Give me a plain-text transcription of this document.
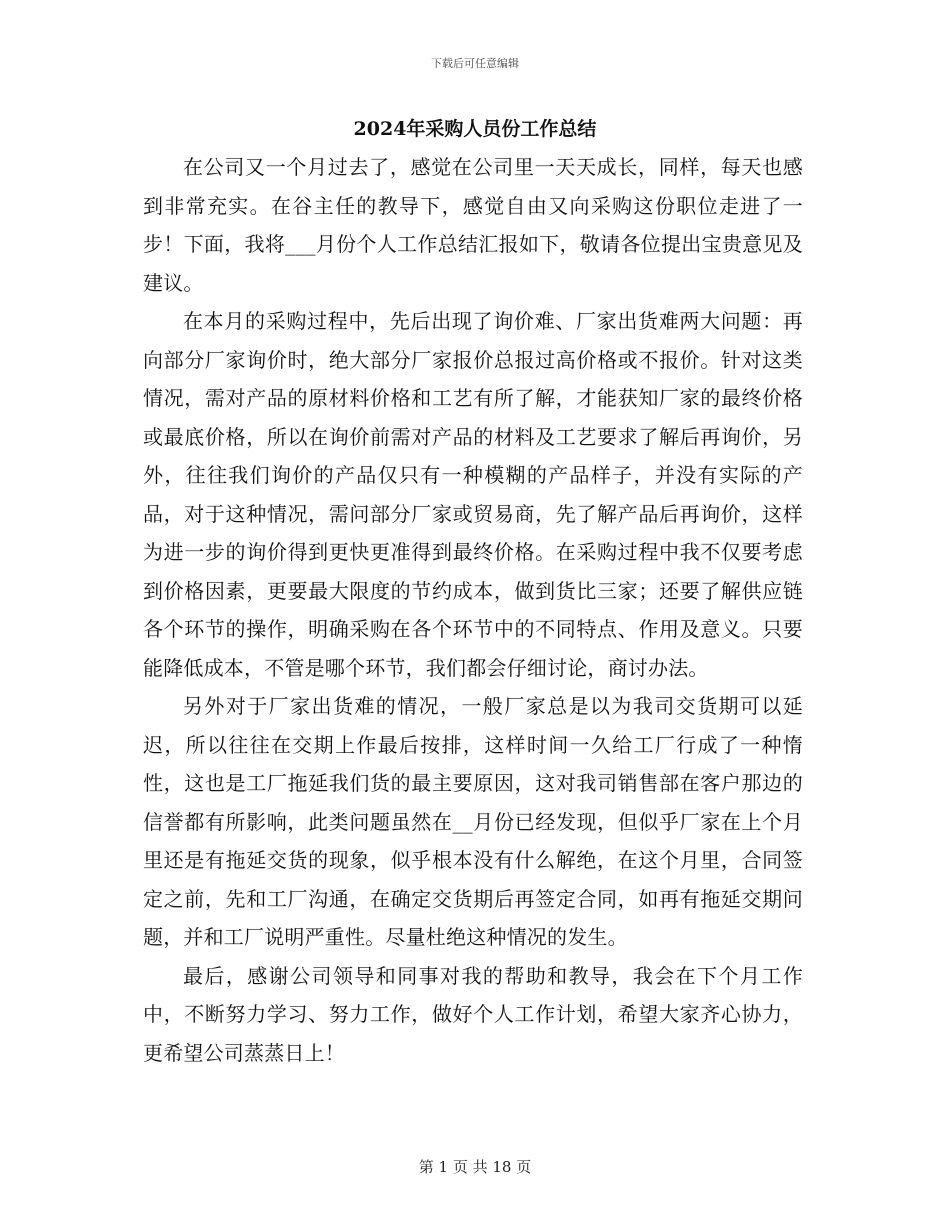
下载后可任意编辑
2024年采购人员份工作总结

在公司又一个月过去了，感觉在公司里一天天成长，同样，每天也感到非常充实。在谷主任的教导下，感觉自由又向采购这份职位走进了一步！下面，我将___月份个人工作总结汇报如下，敬请各位提出宝贵意见及建议。

在本月的采购过程中，先后出现了询价难、厂家出货难两大问题：再向部分厂家询价时，绝大部分厂家报价总报过高价格或不报价。针对这类情况，需对产品的原材料价格和工艺有所了解，才能获知厂家的最终价格或最底价格，所以在询价前需对产品的材料及工艺要求了解后再询价，另外，往往我们询价的产品仅只有一种模糊的产品样子，并没有实际的产品，对于这种情况，需问部分厂家或贸易商，先了解产品后再询价，这样为进一步的询价得到更快更准得到最终价格。在采购过程中我不仅要考虑到价格因素，更要最大限度的节约成本，做到货比三家；还要了解供应链各个环节的操作，明确采购在各个环节中的不同特点、作用及意义。只要能降低成本，不管是哪个环节，我们都会仔细讨论，商讨办法。

另外对于厂家出货难的情况，一般厂家总是以为我司交货期可以延迟，所以往往在交期上作最后按排，这样时间一久给工厂行成了一种惰性，这也是工厂拖延我们货的最主要原因，这对我司销售部在客户那边的信誉都有所影响，此类问题虽然在__月份已经发现，但似乎厂家在上个月里还是有拖延交货的现象，似乎根本没有什么解绝，在这个月里，合同签定之前，先和工厂沟通，在确定交货期后再签定合同，如再有拖延交期问题，并和工厂说明严重性。尽量杜绝这种情况的发生。

最后，感谢公司领导和同事对我的帮助和教导，我会在下个月工作中，不断努力学习、努力工作，做好个人工作计划，希望大家齐心协力，更希望公司蒸蒸日上！

第 1 页 共 18 页
